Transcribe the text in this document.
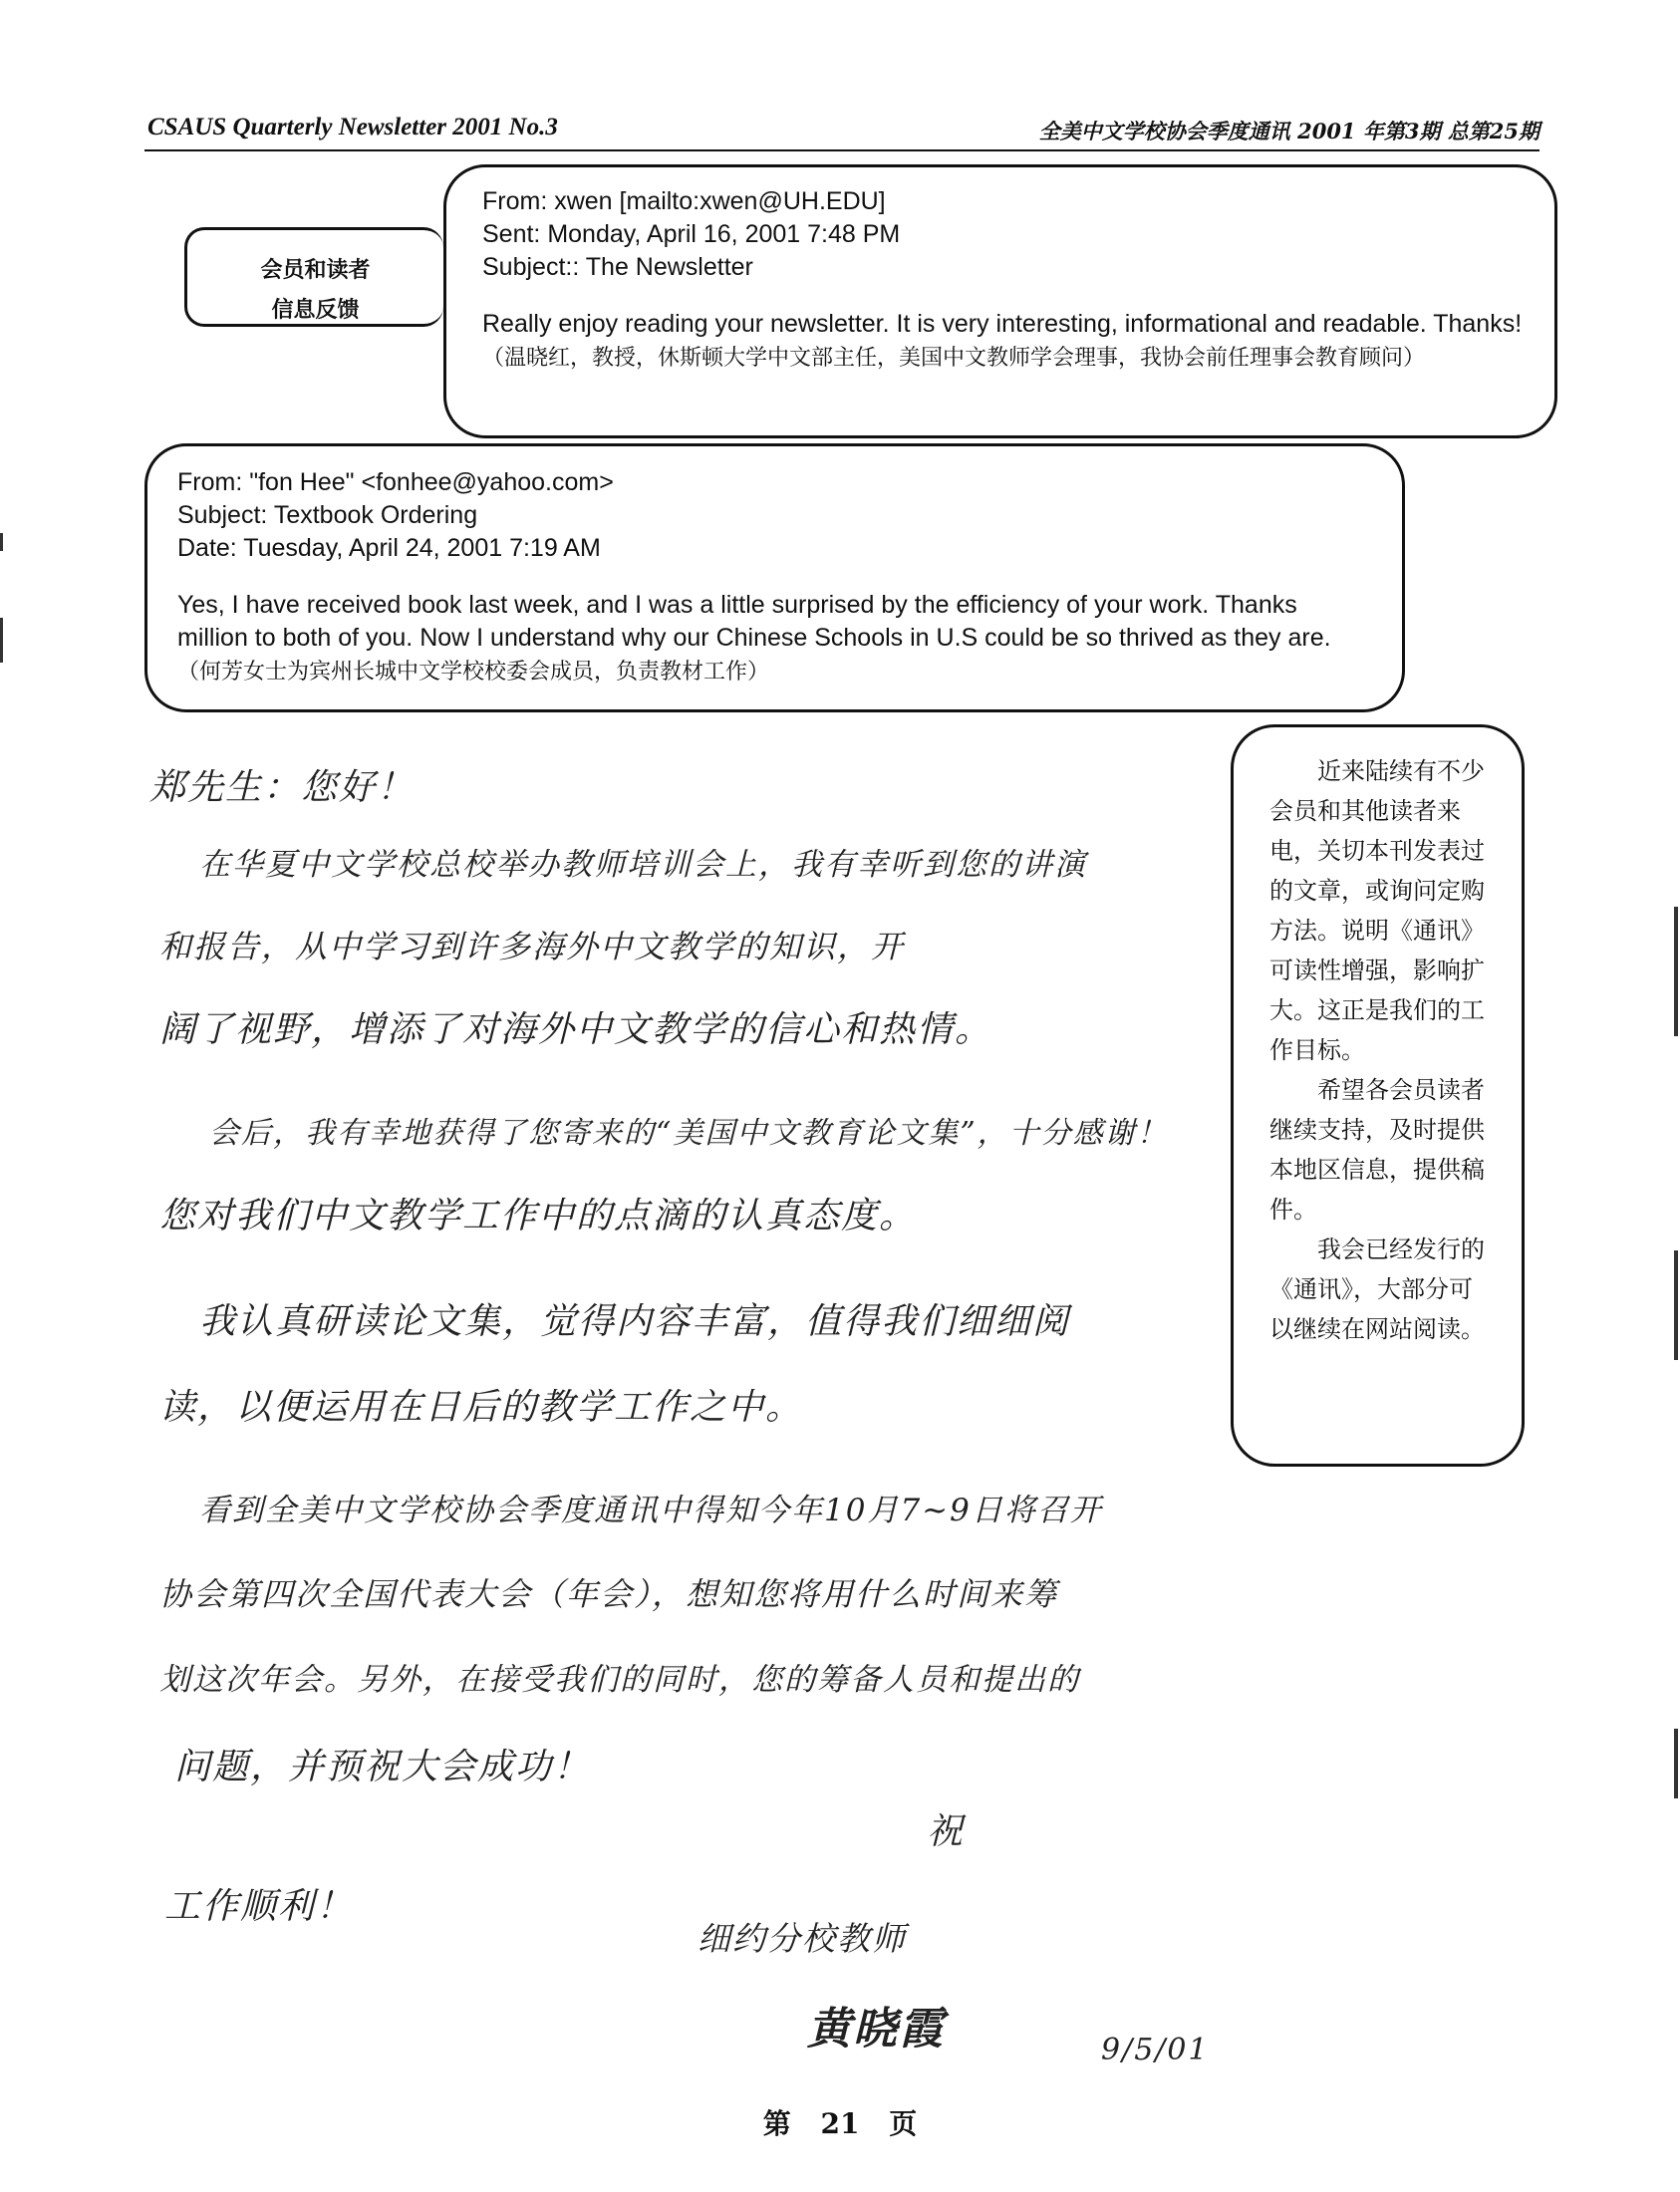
CSAUS Quarterly Newsletter 2001 No.3	全美中文学校协会季度通讯 2001 年第3期 总第25期
From: xwen [mailto:xwen@UH.EDU]
Sent: Monday, April 16, 2001 7:48 PM
Subject:: The Newsletter
Really enjoy reading your newsletter. It is very interesting, informational and readable. Thanks! （温晓红，教授，休斯顿大学中文部主任，美国中文教师学会理事，我协会前任理事会教育顾问）
会员和读者
信息反馈
From: "fon Hee" <fonhee@yahoo.com>
Subject: Textbook Ordering
Date: Tuesday, April 24, 2001 7:19 AM
Yes, I have received book last week, and I was a little surprised by the efficiency of your work. Thanks million to both of you. Now I understand why our Chinese Schools in U.S could be so thrived as they are. （何芳女士为宾州长城中文学校校委会成员，负责教材工作）

近来陆续有不少会员和其他读者来电，关切本刊发表过的文章，或询问定购方法。说明《通讯》可读性增强，影响扩大。这正是我们的工作目标。

希望各会员读者继续支持，及时提供本地区信息，提供稿件。

我会已经发行的《通讯》，大部分可以继续在网站阅读。

郑先生：您好！
在华夏中文学校总校举办教师培训会上，我有幸听到您的讲演
和报告，从中学习到许多海外中文教学的知识，开
阔了视野，增添了对海外中文教学的信心和热情。
会后，我有幸地获得了您寄来的“美国中文教育论文集”，十分感谢！
您对我们中文教学工作中的点滴的认真态度。
我认真研读论文集，觉得内容丰富，值得我们细细阅
读，以便运用在日后的教学工作之中。
看到全美中文学校协会季度通讯中得知今年10月7~9日将召开
协会第四次全国代表大会（年会），想知您将用什么时间来筹
划这次年会。另外，在接受我们的同时，您的筹备人员和提出的
问题，并预祝大会成功！
祝
工作顺利！
细约分校教师
黄晓霞	9/5/01
第 21 页
